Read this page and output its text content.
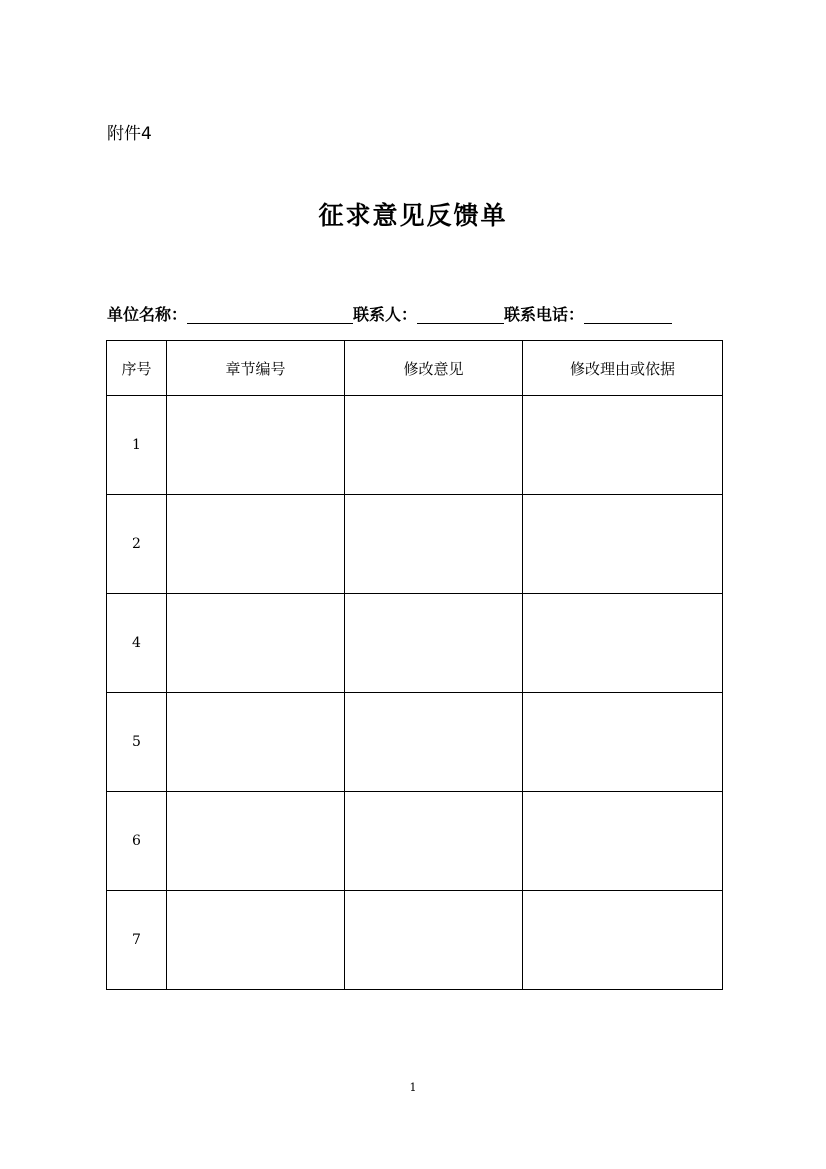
附件4
征求意见反馈单
单位名称：	联系人：	联系电话：
序号	章节编号	修改意见	修改理由或依据
1			
2			
4			
5			
6			
7			
1
